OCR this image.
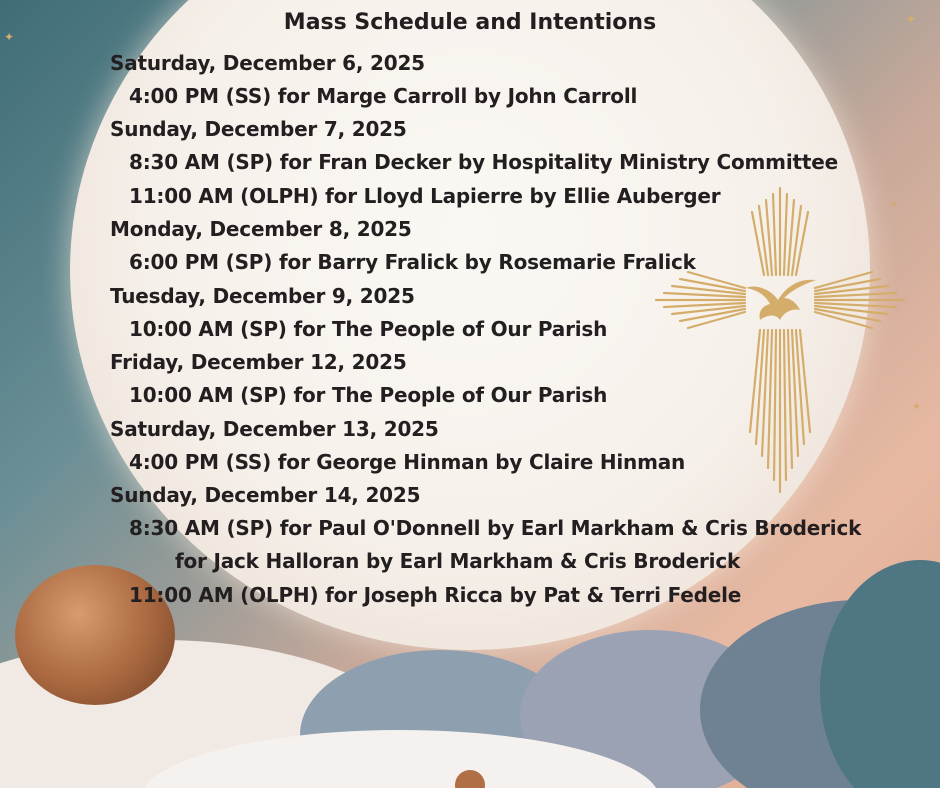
✦
✦
✦
✦
Mass Schedule and Intentions
Saturday, December 6, 2025
4:00 PM (SS) for Marge Carroll by John Carroll
Sunday, December 7, 2025
8:30 AM (SP) for Fran Decker by Hospitality Ministry Committee
11:00 AM (OLPH) for Lloyd Lapierre by Ellie Auberger
Monday, December 8, 2025
6:00 PM (SP) for Barry Fralick by Rosemarie Fralick
Tuesday, December 9, 2025
10:00 AM (SP) for The People of Our Parish
Friday, December 12, 2025
10:00 AM (SP) for The People of Our Parish
Saturday, December 13, 2025
4:00 PM (SS) for George Hinman by Claire Hinman
Sunday, December 14, 2025
8:30 AM (SP) for Paul O'Donnell by Earl Markham & Cris Broderick
for Jack Halloran by Earl Markham & Cris Broderick
11:00 AM (OLPH) for Joseph Ricca by Pat & Terri Fedele
